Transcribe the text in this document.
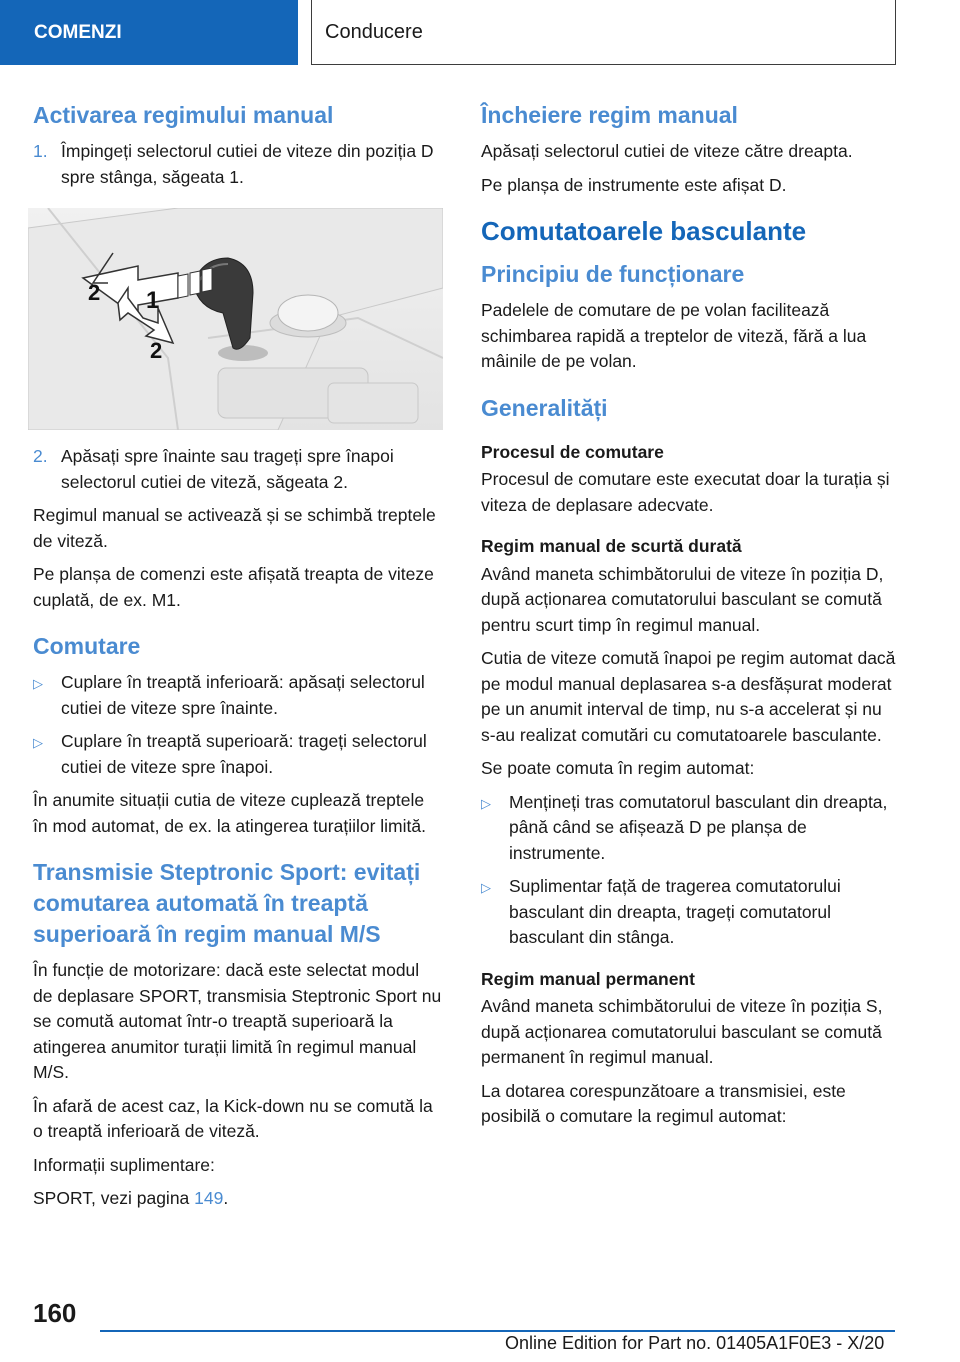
COMENZI	Conducere
Activarea regimului manual
1. Împingeți selectorul cutiei de viteze din poziția D spre stânga, săgeata 1.
2 1
2
2. Apăsați spre înainte sau trageți spre înapoi selectorul cutiei de viteză, săgeata 2.

Regimul manual se activează și se schimbă treptele de viteză.

Pe planșa de comenzi este afișată treapta de viteze cuplată, de ex. M1.

Comutare
▷ Cuplare în treaptă inferioară: apăsați selectorul cutiei de viteze spre înainte.
▷ Cuplare în treaptă superioară: trageți selectorul cutiei de viteze spre înapoi.

În anumite situații cutia de viteze cuplează treptele în mod automat, de ex. la atingerea turațiilor limită.

Transmisie Steptronic Sport: evitați comutarea automată în treaptă superioară în regim manual M/S

În funcție de motorizare: dacă este selectat modul de deplasare SPORT, transmisia Steptronic Sport nu se comută automat într-o treaptă superioară la atingerea anumitor turații limită în regimul manual M/S.

În afară de acest caz, la Kick-down nu se comută la o treaptă inferioară de viteză.

Informații suplimentare:

SPORT, vezi pagina 149.

Încheiere regim manual

Apăsați selectorul cutiei de viteze către dreapta.

Pe planșa de instrumente este afișat D.

Comutatoarele basculante
Principiu de funcționare

Padelele de comutare de pe volan facilitează schimbarea rapidă a treptelor de viteză, fără a lua mâinile de pe volan.

Generalități
Procesul de comutare

Procesul de comutare este executat doar la turația și viteza de deplasare adecvate.

Regim manual de scurtă durată

Având maneta schimbătorului de viteze în poziția D, după acționarea comutatorului basculant se comută pentru scurt timp în regimul manual.

Cutia de viteze comută înapoi pe regim automat dacă pe modul manual deplasarea s-a desfășurat moderat pe un anumit interval de timp, nu s-a accelerat și nu s-au realizat comutări cu comutatoarele basculante.

Se poate comuta în regim automat:

▷ Mențineți tras comutatorul basculant din dreapta, până când se afișează D pe planșa de instrumente.
▷ Suplimentar față de tragerea comutatorului basculant din dreapta, trageți comutatorul basculant din stânga.
Regim manual permanent

Având maneta schimbătorului de viteze în poziția S, după acționarea comutatorului basculant se comută permanent în regimul manual.

La dotarea corespunzătoare a transmisiei, este posibilă o comutare la regimul automat:

160
Online Edition for Part no. 01405A1F0E3 - X/20
